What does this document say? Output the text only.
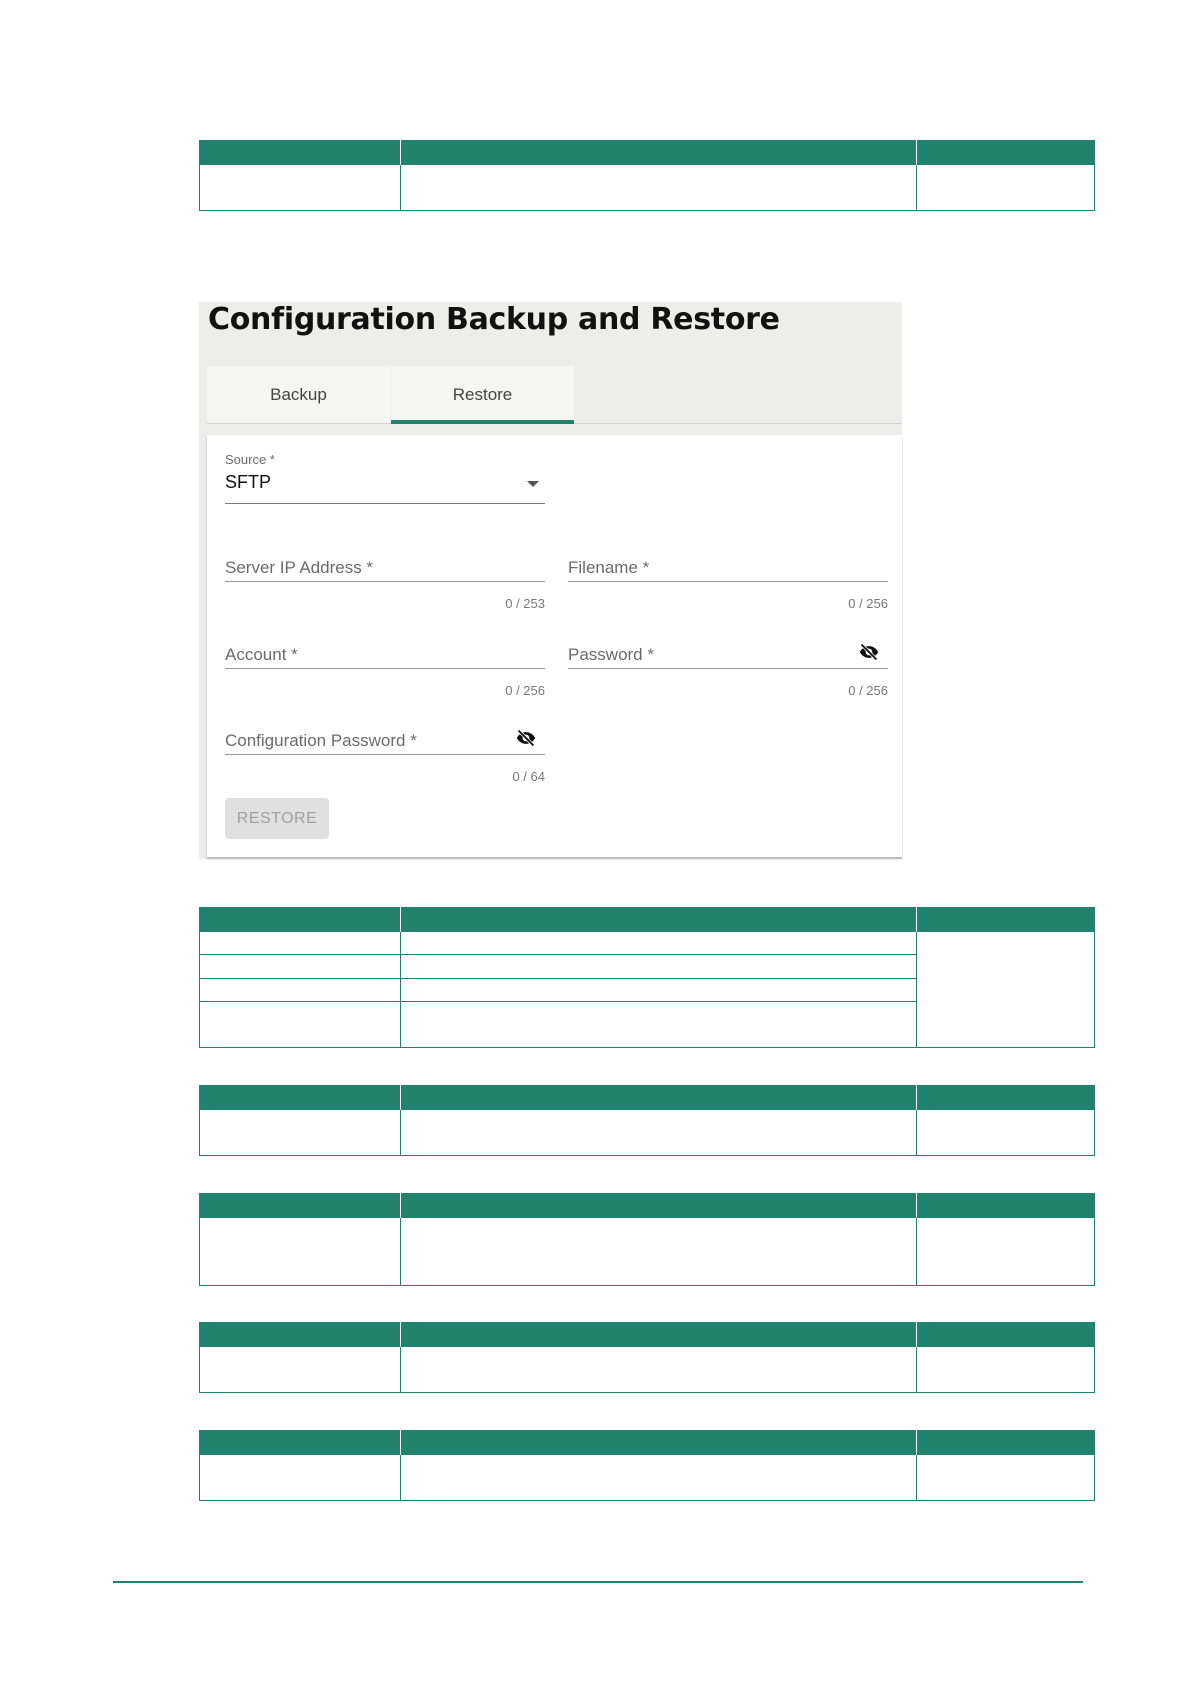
Configuration Backup and Restore
Backup	Restore
Source *
SFTP
Server IP Address *
0 / 253
Filename *
0 / 256
Account *
0 / 256
Password *
0 / 256
Configuration Password *
0 / 64
RESTORE
